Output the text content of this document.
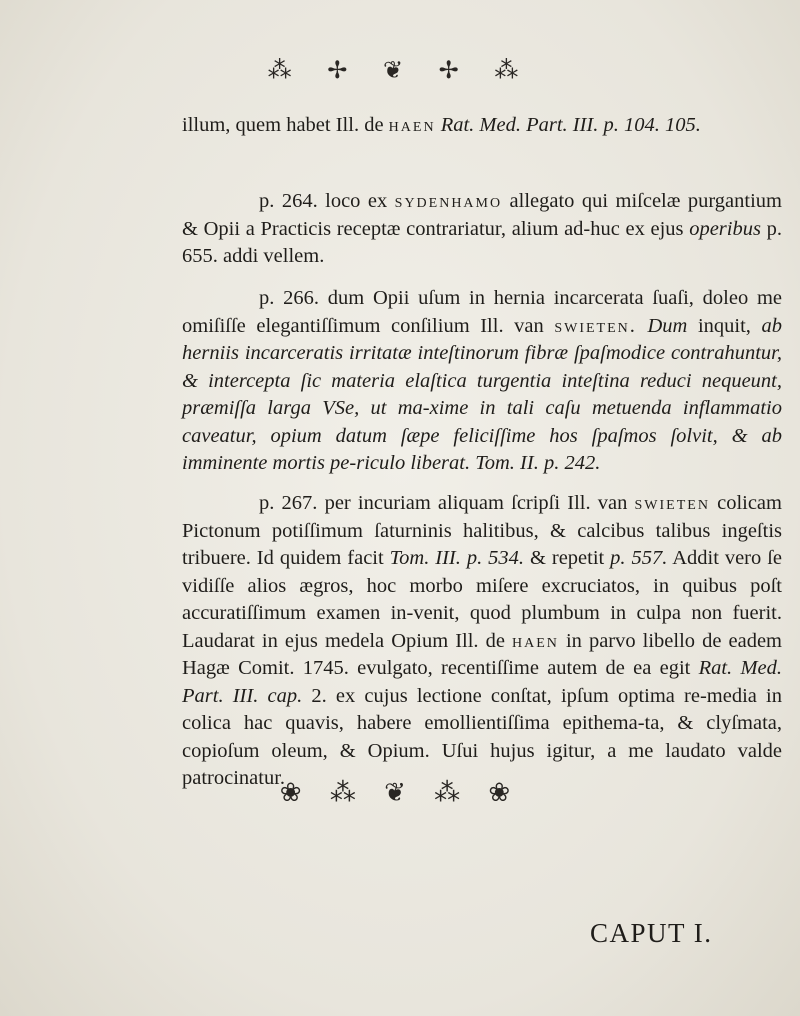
⁂ ✢ ❦ ✢ ⁂

illum, quem habet Ill. de haen Rat. Med. Part. III. p. 104. 105.

p. 264. loco ex sydenhamo allegato qui miſcelæ purgantium & Opii a Practicis receptæ contrariatur, alium ad-huc ex ejus operibus p. 655. addi vellem.

p. 266. dum Opii uſum in hernia incarcerata ſuaſi, doleo me omiſiſſe elegantiſſimum conſilium Ill. van swieten. Dum inquit, ab herniis incarceratis irritatæ inteſtinorum fibræ ſpaſmodice contrahuntur, & intercepta ſic materia elaſtica turgentia inteſtina reduci nequeunt, præmiſſa larga VSe, ut ma-xime in tali caſu metuenda inflammatio caveatur, opium datum ſæpe feliciſſime hos ſpaſmos ſolvit, & ab imminente mortis pe-riculo liberat. Tom. II. p. 242.

p. 267. per incuriam aliquam ſcripſi Ill. van swieten colicam Pictonum potiſſimum ſaturninis halitibus, & calcibus talibus ingeſtis tribuere. Id quidem facit Tom. III. p. 534. & repetit p. 557. Addit vero ſe vidiſſe alios ægros, hoc morbo miſere excruciatos, in quibus poſt accuratiſſimum examen in-venit, quod plumbum in culpa non fuerit. Laudarat in ejus medela Opium Ill. de haen in parvo libello de eadem Hagæ Comit. 1745. evulgato, recentiſſime autem de ea egit Rat. Med. Part. III. cap. 2. ex cujus lectione conſtat, ipſum optima re-media in colica hac quavis, habere emollientiſſima epithema-ta, & clyſmata, copioſum oleum, & Opium. Uſui hujus igitur, a me laudato valde patrocinatur.

❀ ⁂ ❦ ⁂ ❀
CAPUT I.
